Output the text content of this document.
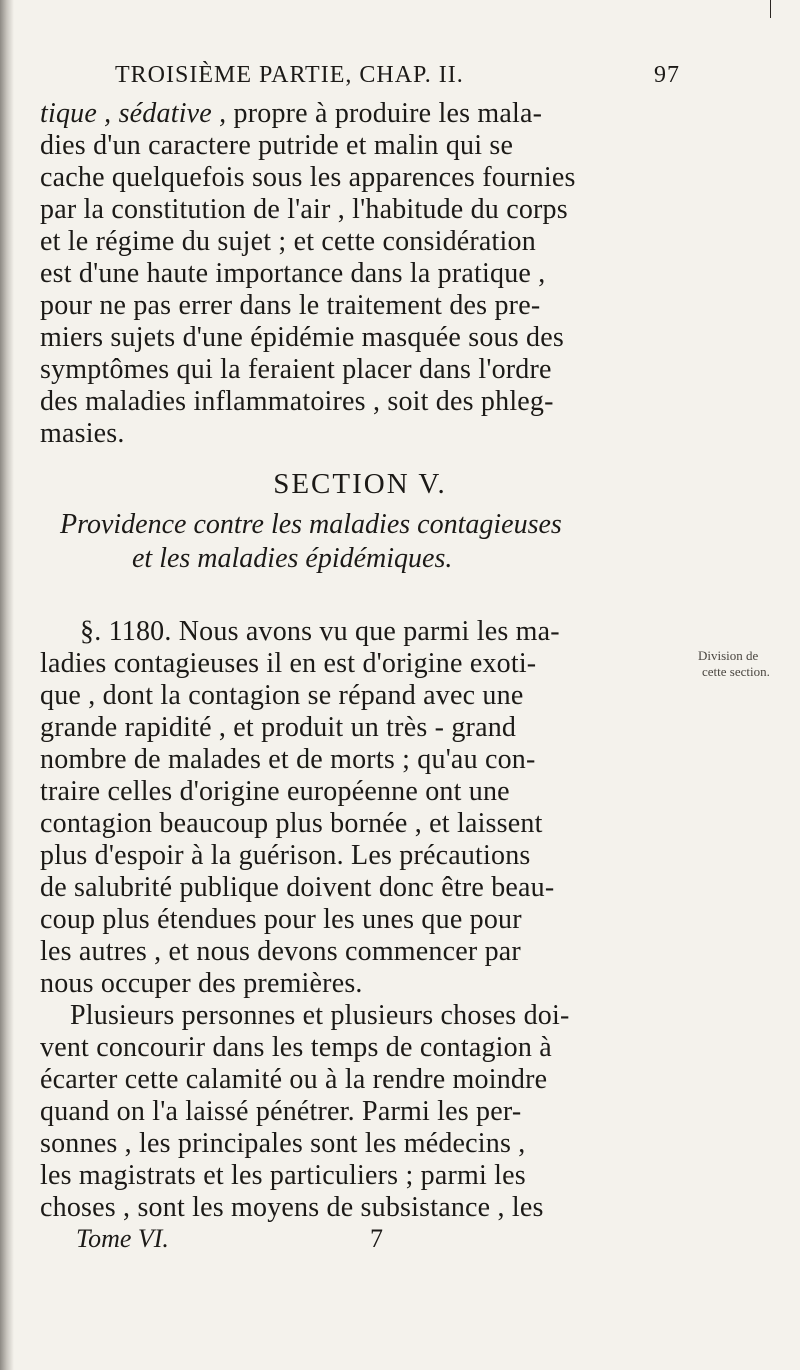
TROISIÈME PARTIE, CHAP. II.	97
tique , sédative , propre à produire les mala-
dies d'un caractere putride et malin qui se
cache quelquefois sous les apparences fournies
par la constitution de l'air , l'habitude du corps
et le régime du sujet ; et cette considération
est d'une haute importance dans la pratique ,
pour ne pas errer dans le traitement des pre-
miers sujets d'une épidémie masquée sous des
symptômes qui la feraient placer dans l'ordre
des maladies inflammatoires , soit des phleg-
masies.
SECTION V.
Providence contre les maladies contagieuses
et les maladies épidémiques.
§. 1180. Nous avons vu que parmi les ma-
ladies contagieuses il en est d'origine exoti-
que , dont la contagion se répand avec une
grande rapidité , et produit un très - grand
nombre de malades et de morts ; qu'au con-
traire celles d'origine européenne ont une
contagion beaucoup plus bornée , et laissent
plus d'espoir à la guérison. Les précautions
de salubrité publique doivent donc être beau-
coup plus étendues pour les unes que pour
les autres , et nous devons commencer par
nous occuper des premières.
Plusieurs personnes et plusieurs choses doi-
vent concourir dans les temps de contagion à
écarter cette calamité ou à la rendre moindre
quand on l'a laissé pénétrer. Parmi les per-
sonnes , les principales sont les médecins ,
les magistrats et les particuliers ; parmi les
choses , sont les moyens de subsistance , les
Tome VI.	7
Division de
cette section.
